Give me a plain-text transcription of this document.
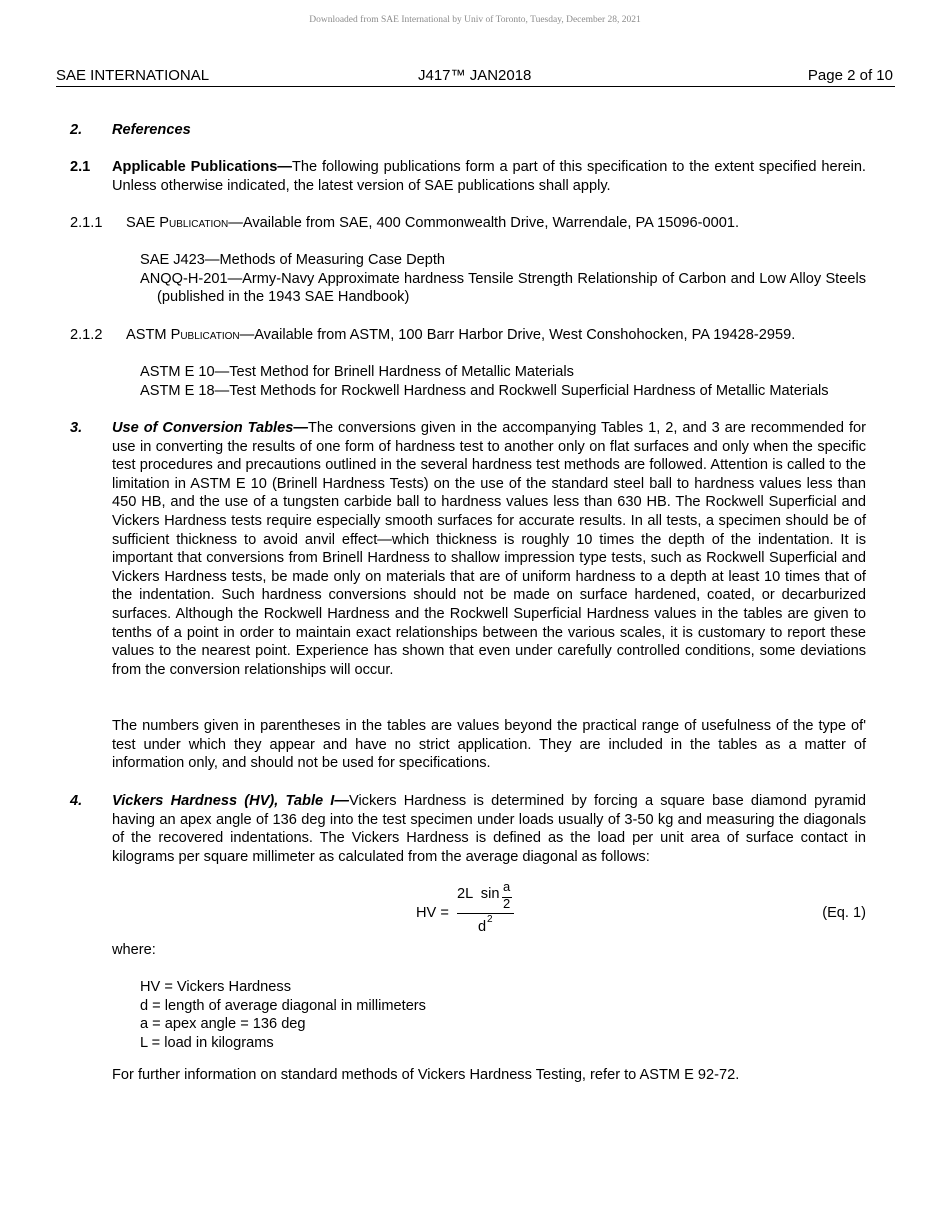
Downloaded from SAE International by Univ of Toronto, Tuesday, December 28, 2021
SAE INTERNATIONAL	J417™ JAN2018	Page 2 of 10
2. References
2.1 Applicable Publications—The following publications form a part of this specification to the extent specified herein. Unless otherwise indicated, the latest version of SAE publications shall apply.
2.1.1 SAE Publication—Available from SAE, 400 Commonwealth Drive, Warrendale, PA 15096-0001.
SAE J423—Methods of Measuring Case Depth
ANQQ-H-201—Army-Navy Approximate hardness Tensile Strength Relationship of Carbon and Low Alloy Steels (published in the 1943 SAE Handbook)
2.1.2 ASTM Publication—Available from ASTM, 100 Barr Harbor Drive, West Conshohocken, PA 19428-2959.
ASTM E 10—Test Method for Brinell Hardness of Metallic Materials
ASTM E 18—Test Methods for Rockwell Hardness and Rockwell Superficial Hardness of Metallic Materials
3. Use of Conversion Tables—The conversions given in the accompanying Tables 1, 2, and 3 are recommended for use in converting the results of one form of hardness test to another only on flat surfaces and only when the specific test procedures and precautions outlined in the several hardness test methods are followed. Attention is called to the limitation in ASTM E 10 (Brinell Hardness Tests) on the use of the standard steel ball to hardness values less than 450 HB, and the use of a tungsten carbide ball to hardness values less than 630 HB. The Rockwell Superficial and Vickers Hardness tests require especially smooth surfaces for accurate results. In all tests, a specimen should be of sufficient thickness to avoid anvil effect—which thickness is roughly 10 times the depth of the indentation. It is important that conversions from Brinell Hardness to shallow impression type tests, such as Rockwell Superficial and Vickers Hardness tests, be made only on materials that are of uniform hardness to a depth at least 10 times that of the indentation. Such hardness conversions should not be made on surface hardened, coated, or decarburized surfaces. Although the Rockwell Hardness and the Rockwell Superficial Hardness values in the tables are given to tenths of a point in order to maintain exact relationships between the various scales, it is customary to report these values to the nearest point. Experience has shown that even under carefully controlled conditions, some deviations from the conversion relationships will occur.
The numbers given in parentheses in the tables are values beyond the practical range of usefulness of the type of' test under which they appear and have no strict application. They are included in the tables as a matter of information only, and should not be used for specifications.
4. Vickers Hardness (HV), Table I—Vickers Hardness is determined by forcing a square base diamond pyramid having an apex angle of 136 deg into the test specimen under loads usually of 3-50 kg and measuring the diagonals of the recovered indentations. The Vickers Hardness is defined as the load per unit area of surface contact in kilograms per square millimeter as calculated from the average diagonal as follows:
HV =
2L  sin a
2
d 2	(Eq. 1)
where:
HV = Vickers Hardness
d = length of average diagonal in millimeters
a = apex angle = 136 deg
L = load in kilograms
For further information on standard methods of Vickers Hardness Testing, refer to ASTM E 92-72.
